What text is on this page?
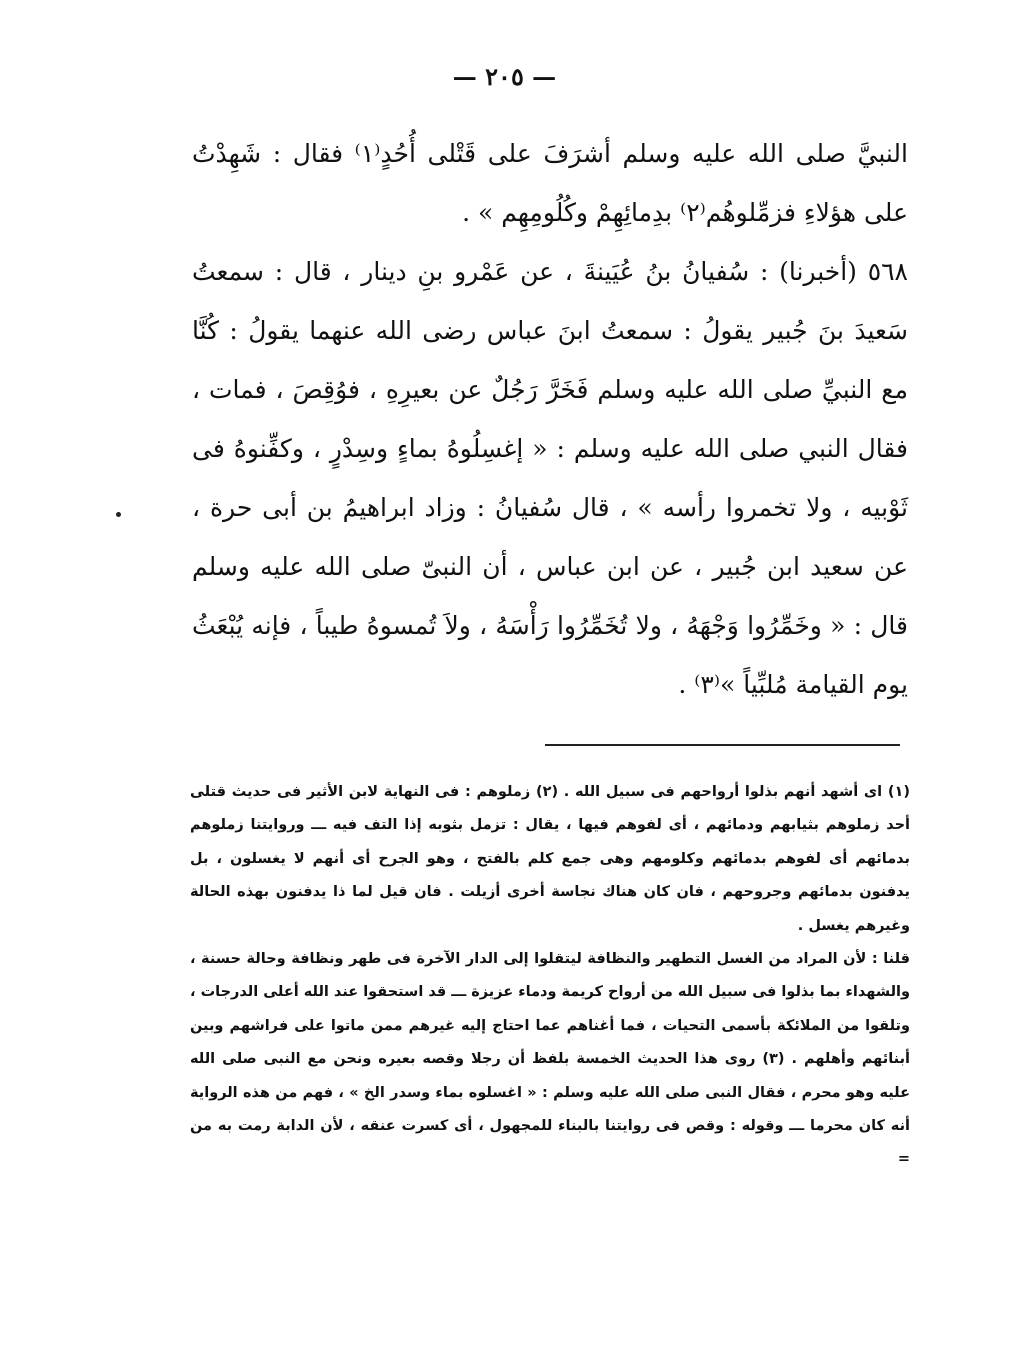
— ٢٠٥ —

النبيَّ صلى الله عليه وسلم أشرَفَ على قَتْلى أُحُدٍ⁽١⁾ فقال : شَهِدْتُ على هؤلاءِ فزمِّلوهُم⁽٢⁾ بدِمائِهِمْ وكُلُومِهِم » .

٥٦٨ (أخبرنا) : سُفيانُ بنُ عُيَينةَ ، عن عَمْرو بنِ دينار ، قال : سمعتُ سَعيدَ بنَ جُبير يقولُ : سمعتُ ابنَ عباس رضى الله عنهما يقولُ : كُنَّا مع النبيِّ صلى الله عليه وسلم فَخَرَّ رَجُلٌ عن بعيرِهِ ، فوُقِصَ ، فمات ، فقال النبي صلى الله عليه وسلم : « إغسِلُوهُ بماءٍ وسِدْرٍ ، وكفِّنوهُ فى ثَوْبيه ، ولا تخمروا رأسه » ، قال سُفيانُ : وزاد ابراهيمُ بن أبى حرة ، عن سعيد ابن جُبير ، عن ابن عباس ، أن النبىّ صلى الله عليه وسلم قال : « وخَمِّرُوا وَجْهَهُ ، ولا تُخَمِّرُوا رَأْسَهُ ، ولاَ تُمسوهُ طيباً ، فإنه يُبْعَثُ يوم القيامة مُلبِّياً »⁽٣⁾ .

(١) اى أشهد أنهم بذلوا أرواحهم فى سبيل الله . (٢) زملوهم : فى النهاية لابن الأثير فى حديث قتلى أحد زملوهم بثيابهم ودمائهم ، أى لفوهم فيها ، يقال : تزمل بثوبه إذا التف فيه ـــ وروايتنا زملوهم بدمائهم أى لفوهم بدمائهم وكلومهم وهى جمع كلم بالفتح ، وهو الجرح أى أنهم لا يغسلون ، بل يدفنون بدمائهم وجروحهم ، فان كان هناك نجاسة أخرى أزيلت . فان قيل لما ذا يدفنون بهذه الحالة وغيرهم يغسل .

قلنا : لأن المراد من الغسل التطهير والنظافة ليتقلوا إلى الدار الآخرة فى طهر ونظافة وحالة حسنة ، والشهداء بما بذلوا فى سبيل الله من أرواح كريمة ودماء عزيزة ـــ قد استحقوا عند الله أعلى الدرجات ، وتلقوا من الملائكة بأسمى التحيات ، فما أغناهم عما احتاج إليه غيرهم ممن ماتوا على فراشهم وبين أبنائهم وأهلهم . (٣) روى هذا الحديث الخمسة بلفظ أن رجلا وقصه بعيره ونحن مع النبى صلى الله عليه وهو محرم ، فقال النبى صلى الله عليه وسلم : « اغسلوه بماء وسدر الخ » ، فهم من هذه الرواية أنه كان محرما ـــ وقوله : وقص فى روايتنا بالبناء للمجهول ، أى كسرت عنقه ، لأن الدابة رمت به من =
